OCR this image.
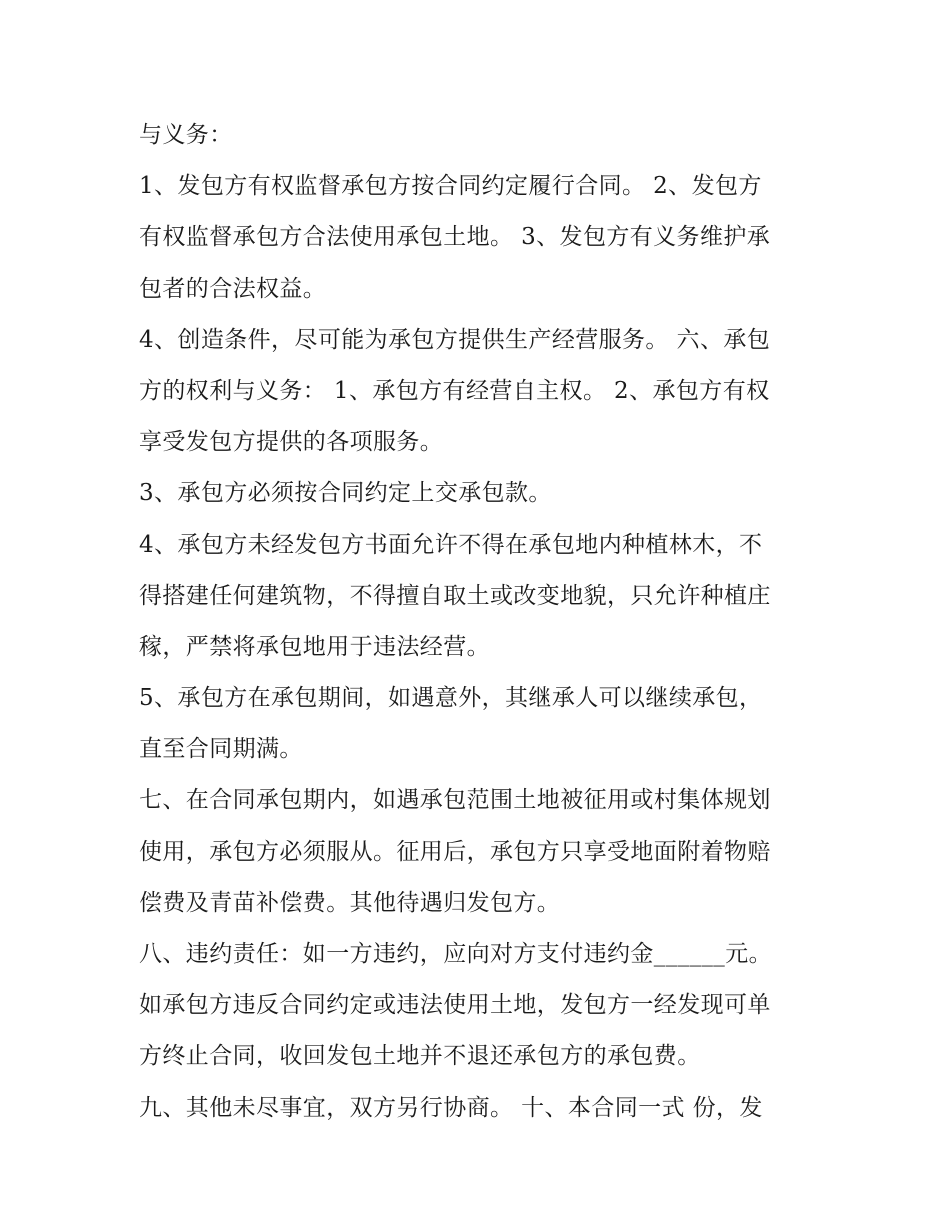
与义务：
1、发包方有权监督承包方按合同约定履行合同。 2、发包方
有权监督承包方合法使用承包土地。 3、发包方有义务维护承
包者的合法权益。
4、创造条件，尽可能为承包方提供生产经营服务。 六、承包
方的权利与义务： 1、承包方有经营自主权。 2、承包方有权
享受发包方提供的各项服务。
3、承包方必须按合同约定上交承包款。
4、承包方未经发包方书面允许不得在承包地内种植林木，不
得搭建任何建筑物，不得擅自取土或改变地貌，只允许种植庄
稼，严禁将承包地用于违法经营。
5、承包方在承包期间，如遇意外，其继承人可以继续承包，
直至合同期满。
七、在合同承包期内，如遇承包范围土地被征用或村集体规划
使用，承包方必须服从。征用后，承包方只享受地面附着物赔
偿费及青苗补偿费。其他待遇归发包方。
八、违约责任：如一方违约，应向对方支付违约金______元。
如承包方违反合同约定或违法使用土地，发包方一经发现可单
方终止合同，收回发包土地并不退还承包方的承包费。
九、其他未尽事宜，双方另行协商。 十、本合同一式 份，发
